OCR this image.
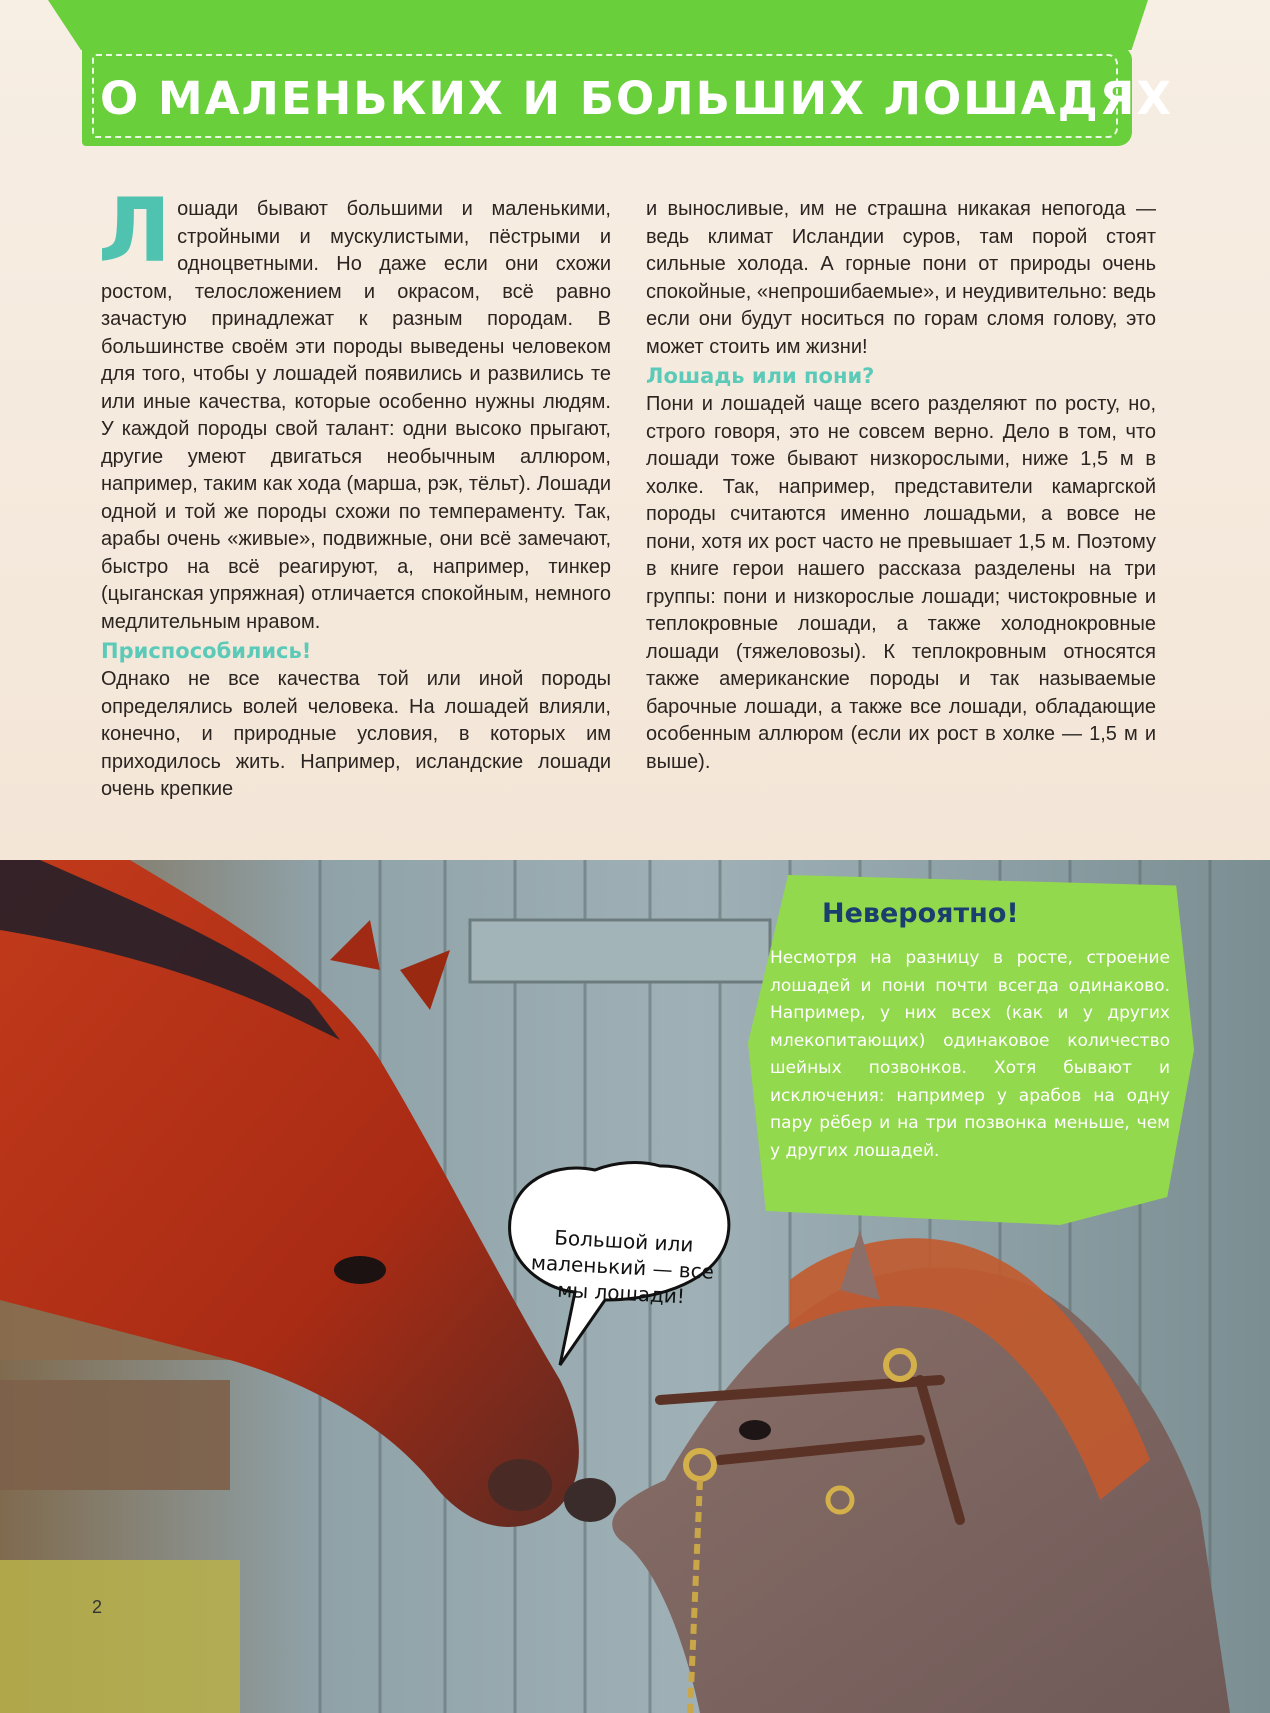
О МАЛЕНЬКИХ И БОЛЬШИХ ЛОШАДЯХ
Л ошади бывают большими и маленькими, стройными и мускулистыми, пёстрыми и одноцветными. Но даже если они схожи ростом, телосложением и окрасом, всё равно зачастую принадлежат к разным породам. В большинстве своём эти породы выведены человеком для того, чтобы у лошадей появились и развились те или иные качества, которые особенно нужны людям. У каждой породы свой талант: одни высоко прыгают, другие умеют двигаться необычным аллюром, например, таким как хода (марша, рэк, тёльт). Лошади одной и той же породы схожи по темпераменту. Так, арабы очень «живые», подвижные, они всё замечают, быстро на всё реагируют, а, например, тинкер (цыганская упряжная) отличается спокойным, немного медлительным нравом.
Приспособились!
Однако не все качества той или иной породы определялись волей человека. На лошадей влияли, конечно, и природные условия, в которых им приходилось жить. Например, исландские лошади очень крепкие
и выносливые, им не страшна никакая непогода — ведь климат Исландии суров, там порой стоят сильные холода. А горные пони от природы очень спокойные, «непрошибаемые», и неудивительно: ведь если они будут носиться по горам сломя голову, это может стоить им жизни!
Лошадь или пони?
Пони и лошадей чаще всего разделяют по росту, но, строго говоря, это не совсем верно. Дело в том, что лошади тоже бывают низкорослыми, ниже 1,5 м в холке. Так, например, представители камаргской породы считаются именно лошадьми, а вовсе не пони, хотя их рост часто не превышает 1,5 м. Поэтому в книге герои нашего рассказа разделены на три группы: пони и низкорослые лошади; чистокровные и теплокровные лошади, а также холоднокровные лошади (тяжеловозы). К теплокровным относятся также американские породы и так называемые барочные лошади, а также все лошади, обладающие особенным аллюром (если их рост в холке — 1,5 м и выше).
Невероятно!
Несмотря на разницу в росте, строение лошадей и пони почти всегда одинаково. Например, у них всех (как и у других млекопитающих) одинаковое количество шейных позвонков. Хотя бывают и исключения: например у арабов на одну пару рёбер и на три позвонка меньше, чем у других лошадей.
Большой или маленький — все мы лошади!
2
